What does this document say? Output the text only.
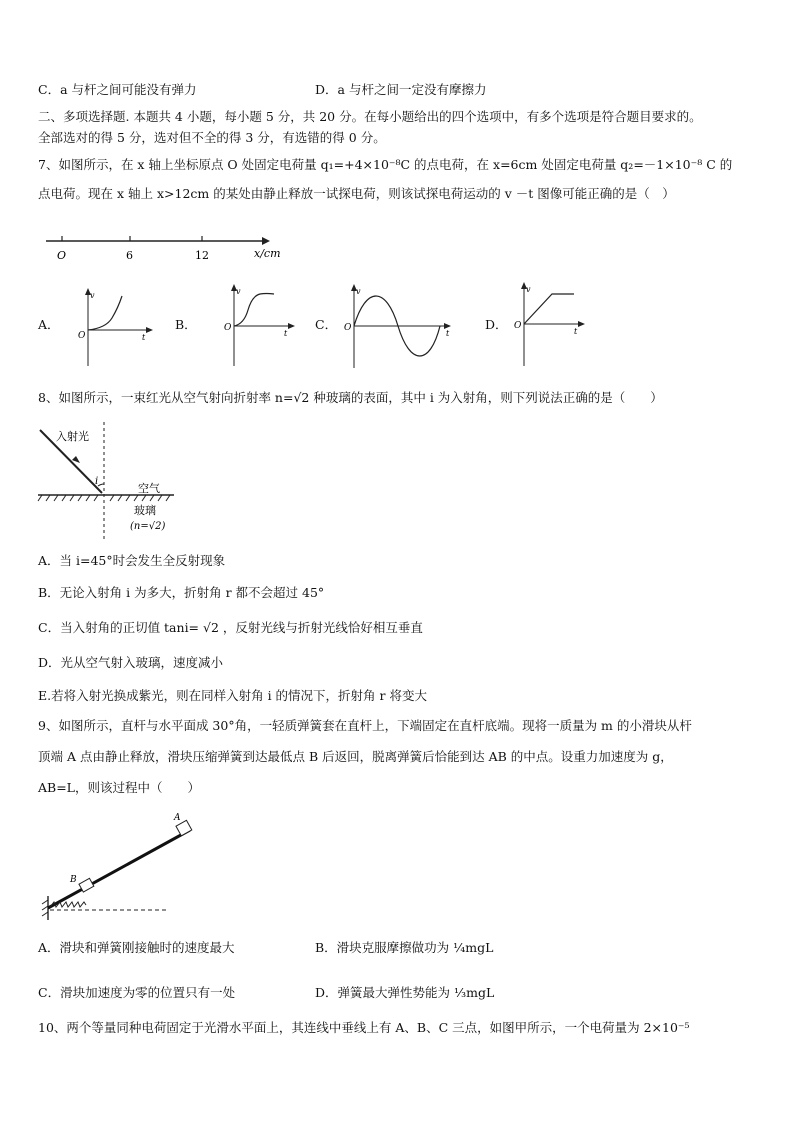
C．a 与杆之间可能没有弹力	D．a 与杆之间一定没有摩擦力
二、多项选择题. 本题共 4 小题，每小题 5 分，共 20 分。在每小题给出的四个选项中，有多个选项是符合题目要求的。
全部选对的得 5 分，选对但不全的得 3 分，有选错的得 0 分。
7、如图所示，在 x 轴上坐标原点 O 处固定电荷量 q₁=+4×10⁻⁸C 的点电荷，在 x=6cm 处固定电荷量 q₂=－1×10⁻⁸ C 的
点电荷。现在 x 轴上 x>12cm 的某处由静止释放一试探电荷，则该试探电荷运动的 v －t 图像可能正确的是（　）
O	6	12	x/cm
A．
v
t
O
B．
v
t
O	C．
v
t
O	D．
v
t
O
8、如图所示，一束红光从空气射向折射率 n=√2 种玻璃的表面，其中 i 为入射角，则下列说法正确的是（　　）
入射光
i
空气
玻璃
(n=√2)
A．当 i=45°时会发生全反射现象
B．无论入射角 i 为多大，折射角 r 都不会超过 45°
C．当入射角的正切值 tani= √2 ，反射光线与折射光线恰好相互垂直
D．光从空气射入玻璃，速度减小
E.若将入射光换成紫光，则在同样入射角 i 的情况下，折射角 r 将变大
9、如图所示，直杆与水平面成 30°角，一轻质弹簧套在直杆上，下端固定在直杆底端。现将一质量为 m 的小滑块从杆
顶端 A 点由静止释放，滑块压缩弹簧到达最低点 B 后返回，脱离弹簧后恰能到达 AB 的中点。设重力加速度为 g，
AB=L，则该过程中（　　）
A
B
A．滑块和弹簧刚接触时的速度最大	B．滑块克服摩擦做功为 ¼mgL
C．滑块加速度为零的位置只有一处	D．弹簧最大弹性势能为 ⅓mgL
10、两个等量同种电荷固定于光滑水平面上，其连线中垂线上有 A、B、C 三点，如图甲所示，一个电荷量为 2×10⁻⁵
